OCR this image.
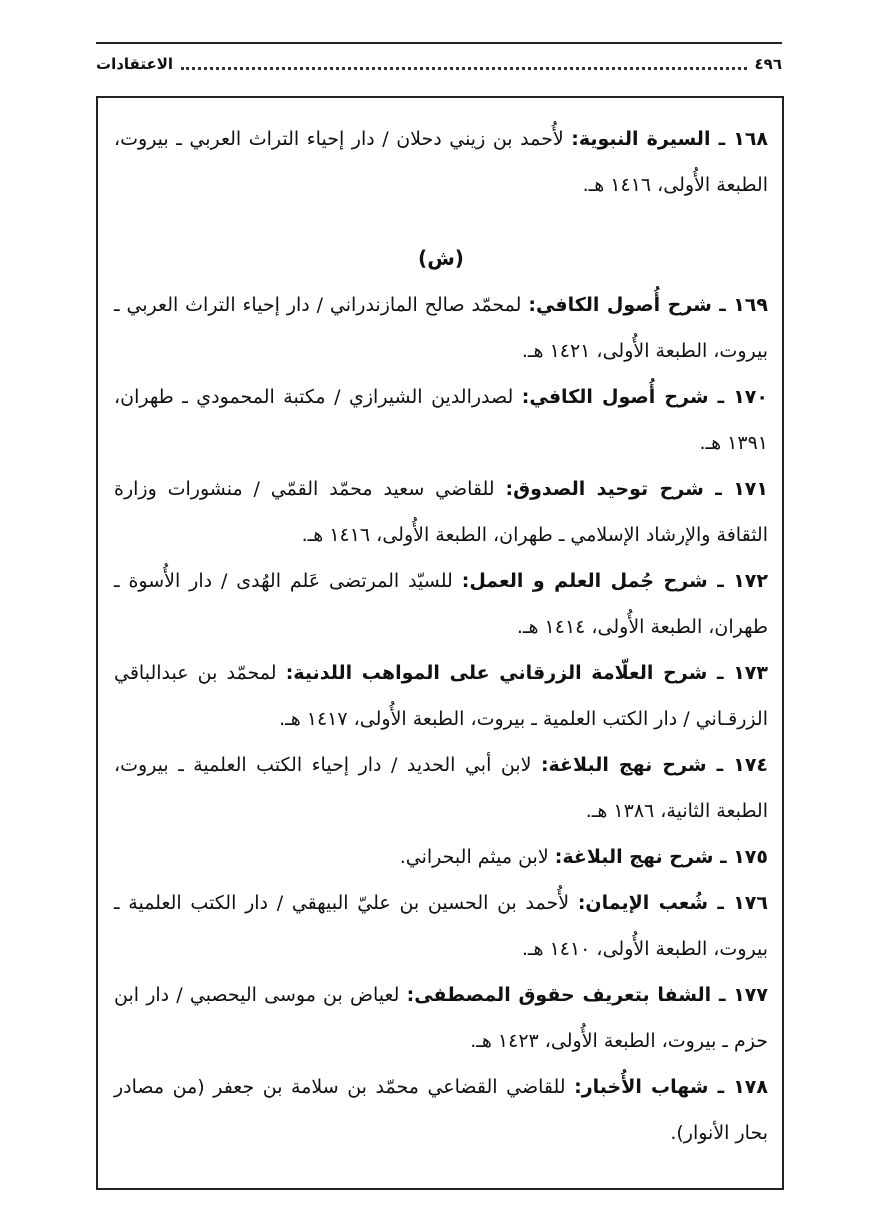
٤٩٦
الاعتقادات

١٦٨ ـ السيرة النبوية: لأُحمد بن زيني دحلان / دار إحياء التراث العربي ـ بيروت، الطبعة الأُولى، ١٤١٦ هـ.

(ش)

١٦٩ ـ شرح أُصول الكافي: لمحمّد صالح المازندراني / دار إحياء التراث العربي ـ بيروت، الطبعة الأُولى، ١٤٢١ هـ.

١٧٠ ـ شرح أُصول الكافي: لصدرالدين الشيرازي / مكتبة المحمودي ـ طهران، ١٣٩١ هـ.

١٧١ ـ شرح توحيد الصدوق: للقاضي سعيد محمّد القمّي / منشورات وزارة الثقافة والإرشاد الإسلامي ـ طهران، الطبعة الأُولى، ١٤١٦ هـ.

١٧٢ ـ شرح جُمل العلم و العمل: للسيّد المرتضى عَلم الهُدى / دار الأُسوة ـ طهران، الطبعة الأُولى، ١٤١٤ هـ.

١٧٣ ـ شرح العلّامة الزرقاني على المواهب اللدنية: لمحمّد بن عبدالباقي الزرقـاني / دار الكتب العلمية ـ بيروت، الطبعة الأُولى، ١٤١٧ هـ.

١٧٤ ـ شرح نهج البلاغة: لابن أبي الحديد / دار إحياء الكتب العلمية ـ بيروت، الطبعة الثانية، ١٣٨٦ هـ.

١٧٥ ـ شرح نهج البلاغة: لابن ميثم البحراني.

١٧٦ ـ شُعب الإيمان: لأُحمد بن الحسين بن عليّ البيهقي / دار الكتب العلمية ـ بيروت، الطبعة الأُولى، ١٤١٠ هـ.

١٧٧ ـ الشفا بتعريف حقوق المصطفى: لعياض بن موسى اليحصبي / دار ابن حزم ـ بيروت، الطبعة الأُولى، ١٤٢٣ هـ.

١٧٨ ـ شهاب الأُخبار: للقاضي القضاعي محمّد بن سلامة بن جعفر (من مصادر بحار الأنوار).
